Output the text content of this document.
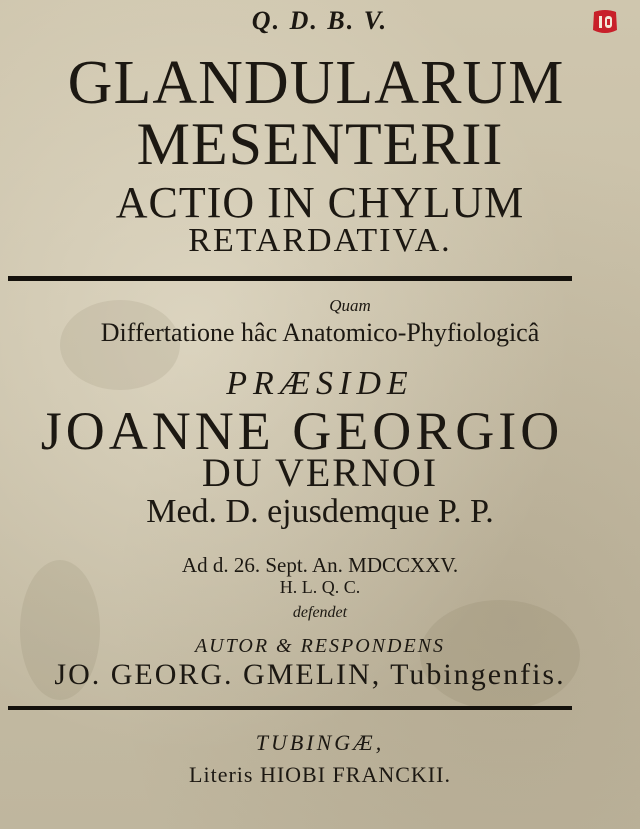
Q. D. B. V.
GLANDULARUM
MESENTERII
ACTIO IN CHYLUM
RETARDATIVA.
Quam
Differtatione hâc Anatomico-Phyfiologicâ
PRÆSIDE
JOANNE GEORGIO
DU VERNOI
Med. D. ejusdemque P. P.
Ad d. 26. Sept. An. MDCCXXV.
H. L. Q. C.
defendet
AUTOR & RESPONDENS
JO. GEORG. GMELIN, Tubingenfis.
TUBINGÆ,
Literis HIOBI FRANCKII.
